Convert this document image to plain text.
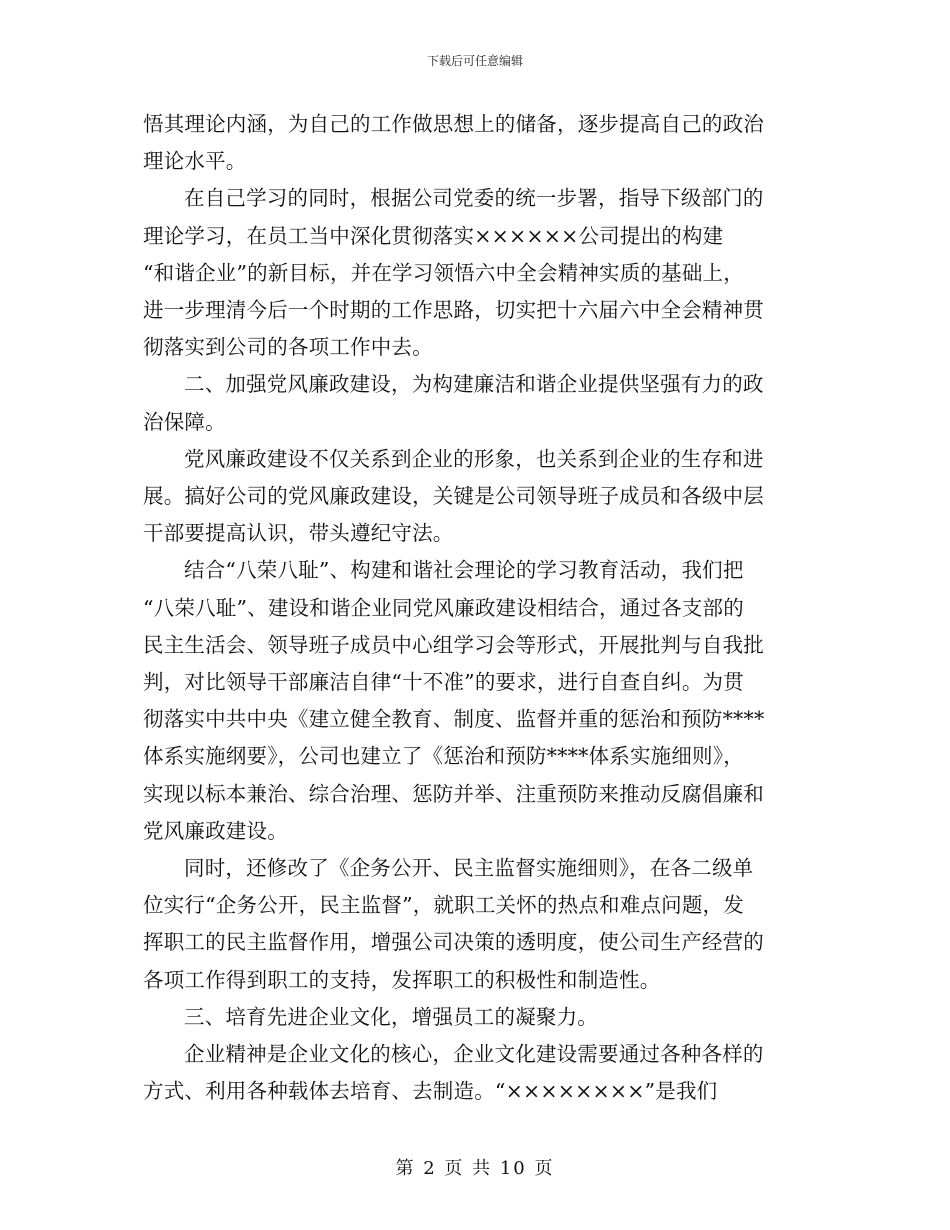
下载后可任意编辑
悟其理论内涵，为自己的工作做思想上的储备，逐步提高自己的政治
理论水平。
在自己学习的同时，根据公司党委的统一步署，指导下级部门的
理论学习，在员工当中深化贯彻落实××××××公司提出的构建
“和谐企业”的新目标，并在学习领悟六中全会精神实质的基础上，
进一步理清今后一个时期的工作思路，切实把十六届六中全会精神贯
彻落实到公司的各项工作中去。
二、加强党风廉政建设，为构建廉洁和谐企业提供坚强有力的政
治保障。
党风廉政建设不仅关系到企业的形象，也关系到企业的生存和进
展。搞好公司的党风廉政建设，关键是公司领导班子成员和各级中层
干部要提高认识，带头遵纪守法。
结合“八荣八耻”、构建和谐社会理论的学习教育活动，我们把
“八荣八耻”、建设和谐企业同党风廉政建设相结合，通过各支部的
民主生活会、领导班子成员中心组学习会等形式，开展批判与自我批
判，对比领导干部廉洁自律“十不准”的要求，进行自查自纠。为贯
彻落实中共中央《建立健全教育、制度、监督并重的惩治和预防****
体系实施纲要》，公司也建立了《惩治和预防****体系实施细则》，
实现以标本兼治、综合治理、惩防并举、注重预防来推动反腐倡廉和
党风廉政建设。
同时，还修改了《企务公开、民主监督实施细则》，在各二级单
位实行“企务公开，民主监督”，就职工关怀的热点和难点问题，发
挥职工的民主监督作用，增强公司决策的透明度，使公司生产经营的
各项工作得到职工的支持，发挥职工的积极性和制造性。
三、培育先进企业文化，增强员工的凝聚力。
企业精神是企业文化的核心，企业文化建设需要通过各种各样的
方式、利用各种载体去培育、去制造。“××××××××”是我们
第 2 页 共 10 页
